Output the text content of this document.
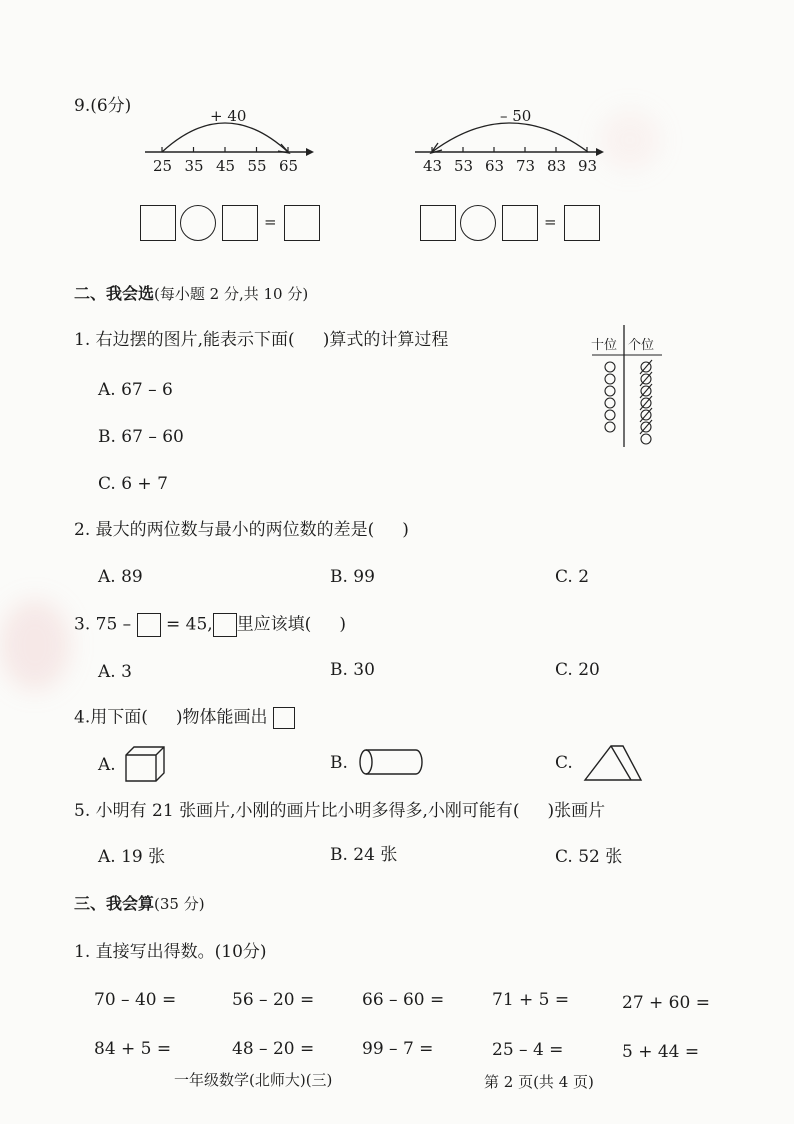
9.(6分)	+ 40
25 35 45 55 65
– 50
43 53 63 73 83 93
=	=
二、我会选(每小题 2 分,共 10 分)
1. 右边摆的图片,能表示下面( )算式的计算过程
A. 67 – 6
B. 67 – 60
C. 6 + 7
十位 个位
2. 最大的两位数与最小的两位数的差是( )
A. 89	B. 99	C. 2
3. 75 – = 45, 里应该填( )
A. 3	B. 30	C. 20
4.用下面( )物体能画出
A.	B.	C.
5. 小明有 21 张画片,小刚的画片比小明多得多,小刚可能有( )张画片
A. 19 张	B. 24 张	C. 52 张
三、我会算(35 分)
1. 直接写出得数。(10分)
70 – 40 =	56 – 20 =	66 – 60 =	71 + 5 =	27 + 60 =
84 + 5 =	48 – 20 =	99 – 7 =	25 – 4 =	5 + 44 =
一年级数学(北师大)(三)	第 2 页(共 4 页)
